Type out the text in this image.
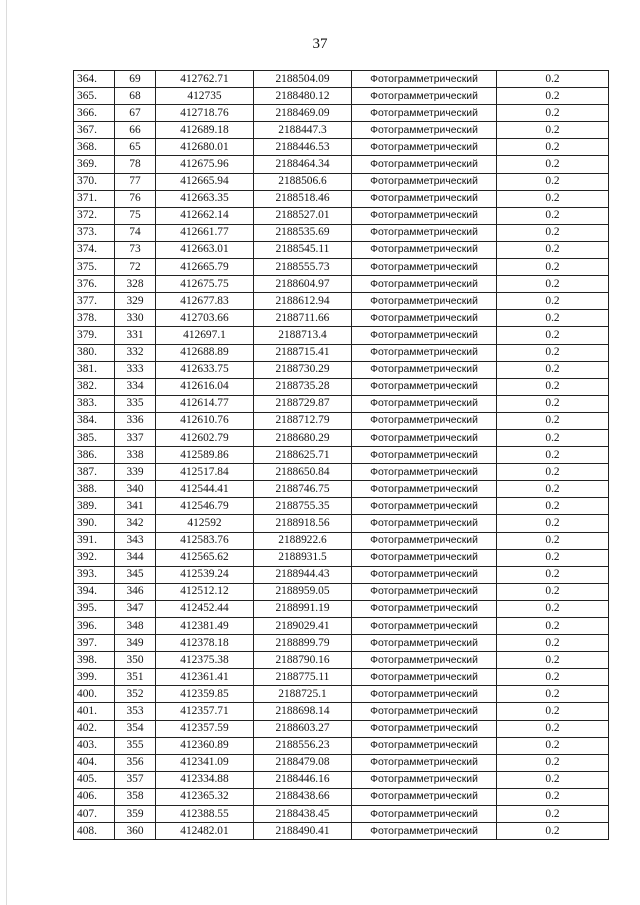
37
364.	69	412762.71	2188504.09	Фотограмметрический	0.2
365.	68	412735	2188480.12	Фотограмметрический	0.2
366.	67	412718.76	2188469.09	Фотограмметрический	0.2
367.	66	412689.18	2188447.3	Фотограмметрический	0.2
368.	65	412680.01	2188446.53	Фотограмметрический	0.2
369.	78	412675.96	2188464.34	Фотограмметрический	0.2
370.	77	412665.94	2188506.6	Фотограмметрический	0.2
371.	76	412663.35	2188518.46	Фотограмметрический	0.2
372.	75	412662.14	2188527.01	Фотограмметрический	0.2
373.	74	412661.77	2188535.69	Фотограмметрический	0.2
374.	73	412663.01	2188545.11	Фотограмметрический	0.2
375.	72	412665.79	2188555.73	Фотограмметрический	0.2
376.	328	412675.75	2188604.97	Фотограмметрический	0.2
377.	329	412677.83	2188612.94	Фотограмметрический	0.2
378.	330	412703.66	2188711.66	Фотограмметрический	0.2
379.	331	412697.1	2188713.4	Фотограмметрический	0.2
380.	332	412688.89	2188715.41	Фотограмметрический	0.2
381.	333	412633.75	2188730.29	Фотограмметрический	0.2
382.	334	412616.04	2188735.28	Фотограмметрический	0.2
383.	335	412614.77	2188729.87	Фотограмметрический	0.2
384.	336	412610.76	2188712.79	Фотограмметрический	0.2
385.	337	412602.79	2188680.29	Фотограмметрический	0.2
386.	338	412589.86	2188625.71	Фотограмметрический	0.2
387.	339	412517.84	2188650.84	Фотограмметрический	0.2
388.	340	412544.41	2188746.75	Фотограмметрический	0.2
389.	341	412546.79	2188755.35	Фотограмметрический	0.2
390.	342	412592	2188918.56	Фотограмметрический	0.2
391.	343	412583.76	2188922.6	Фотограмметрический	0.2
392.	344	412565.62	2188931.5	Фотограмметрический	0.2
393.	345	412539.24	2188944.43	Фотограмметрический	0.2
394.	346	412512.12	2188959.05	Фотограмметрический	0.2
395.	347	412452.44	2188991.19	Фотограмметрический	0.2
396.	348	412381.49	2189029.41	Фотограмметрический	0.2
397.	349	412378.18	2188899.79	Фотограмметрический	0.2
398.	350	412375.38	2188790.16	Фотограмметрический	0.2
399.	351	412361.41	2188775.11	Фотограмметрический	0.2
400.	352	412359.85	2188725.1	Фотограмметрический	0.2
401.	353	412357.71	2188698.14	Фотограмметрический	0.2
402.	354	412357.59	2188603.27	Фотограмметрический	0.2
403.	355	412360.89	2188556.23	Фотограмметрический	0.2
404.	356	412341.09	2188479.08	Фотограмметрический	0.2
405.	357	412334.88	2188446.16	Фотограмметрический	0.2
406.	358	412365.32	2188438.66	Фотограмметрический	0.2
407.	359	412388.55	2188438.45	Фотограмметрический	0.2
408.	360	412482.01	2188490.41	Фотограмметрический	0.2
